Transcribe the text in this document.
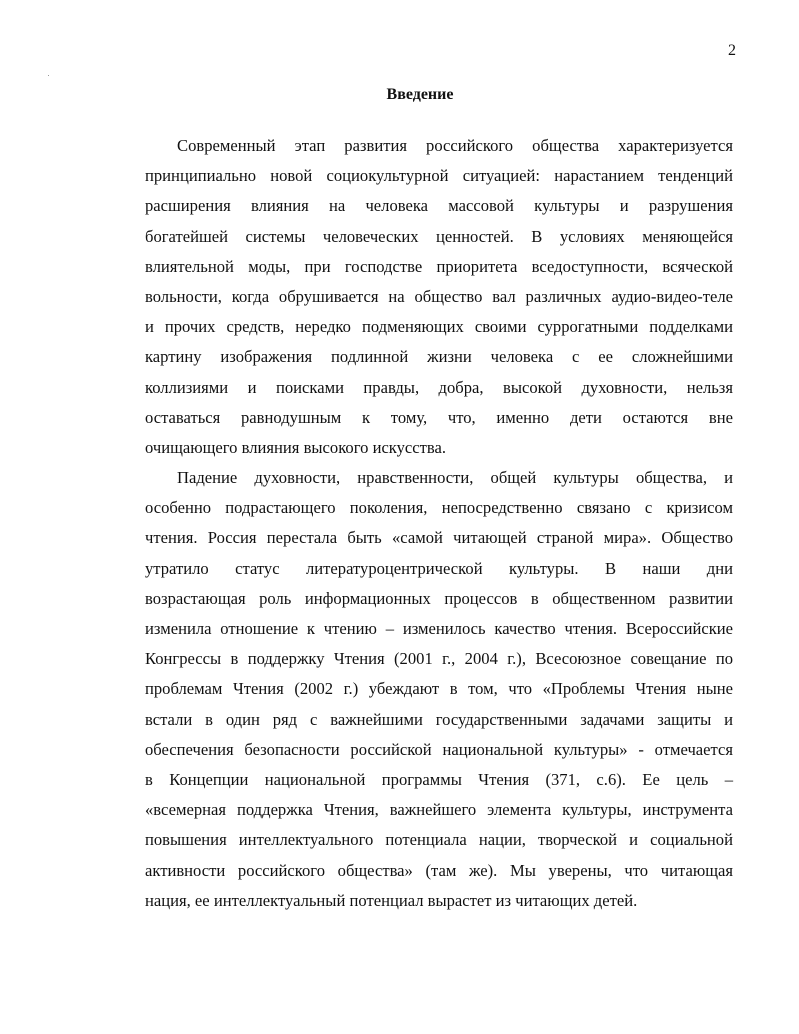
2
Введение
Современный этап развития российского общества характеризуется
принципиально новой социокультурной ситуацией: нарастанием тенденций
расширения влияния на человека массовой культуры и разрушения
богатейшей системы человеческих ценностей. В условиях меняющейся
влиятельной моды, при господстве приоритета вседоступности, всяческой
вольности, когда обрушивается на общество вал различных аудио-видео-теле
и прочих средств, нередко подменяющих своими суррогатными подделками
картину изображения подлинной жизни человека с ее сложнейшими
коллизиями и поисками правды, добра, высокой духовности, нельзя
оставаться равнодушным к тому, что, именно дети остаются вне
очищающего влияния высокого искусства.
Падение духовности, нравственности, общей культуры общества, и
особенно подрастающего поколения, непосредственно связано с кризисом
чтения. Россия перестала быть «самой читающей страной мира». Общество
утратило статус литературоцентрической культуры. В наши дни
возрастающая роль информационных процессов в общественном развитии
изменила отношение к чтению – изменилось качество чтения. Всероссийские
Конгрессы в поддержку Чтения (2001 г., 2004 г.), Всесоюзное совещание по
проблемам Чтения (2002 г.) убеждают в том, что «Проблемы Чтения ныне
встали в один ряд с важнейшими государственными задачами защиты и
обеспечения безопасности российской национальной культуры» - отмечается
в Концепции национальной программы Чтения (371, с.6). Ее цель –
«всемерная поддержка Чтения, важнейшего элемента культуры, инструмента
повышения интеллектуального потенциала нации, творческой и социальной
активности российского общества» (там же). Мы уверены, что читающая
нация, ее интеллектуальный потенциал вырастет из читающих детей.
